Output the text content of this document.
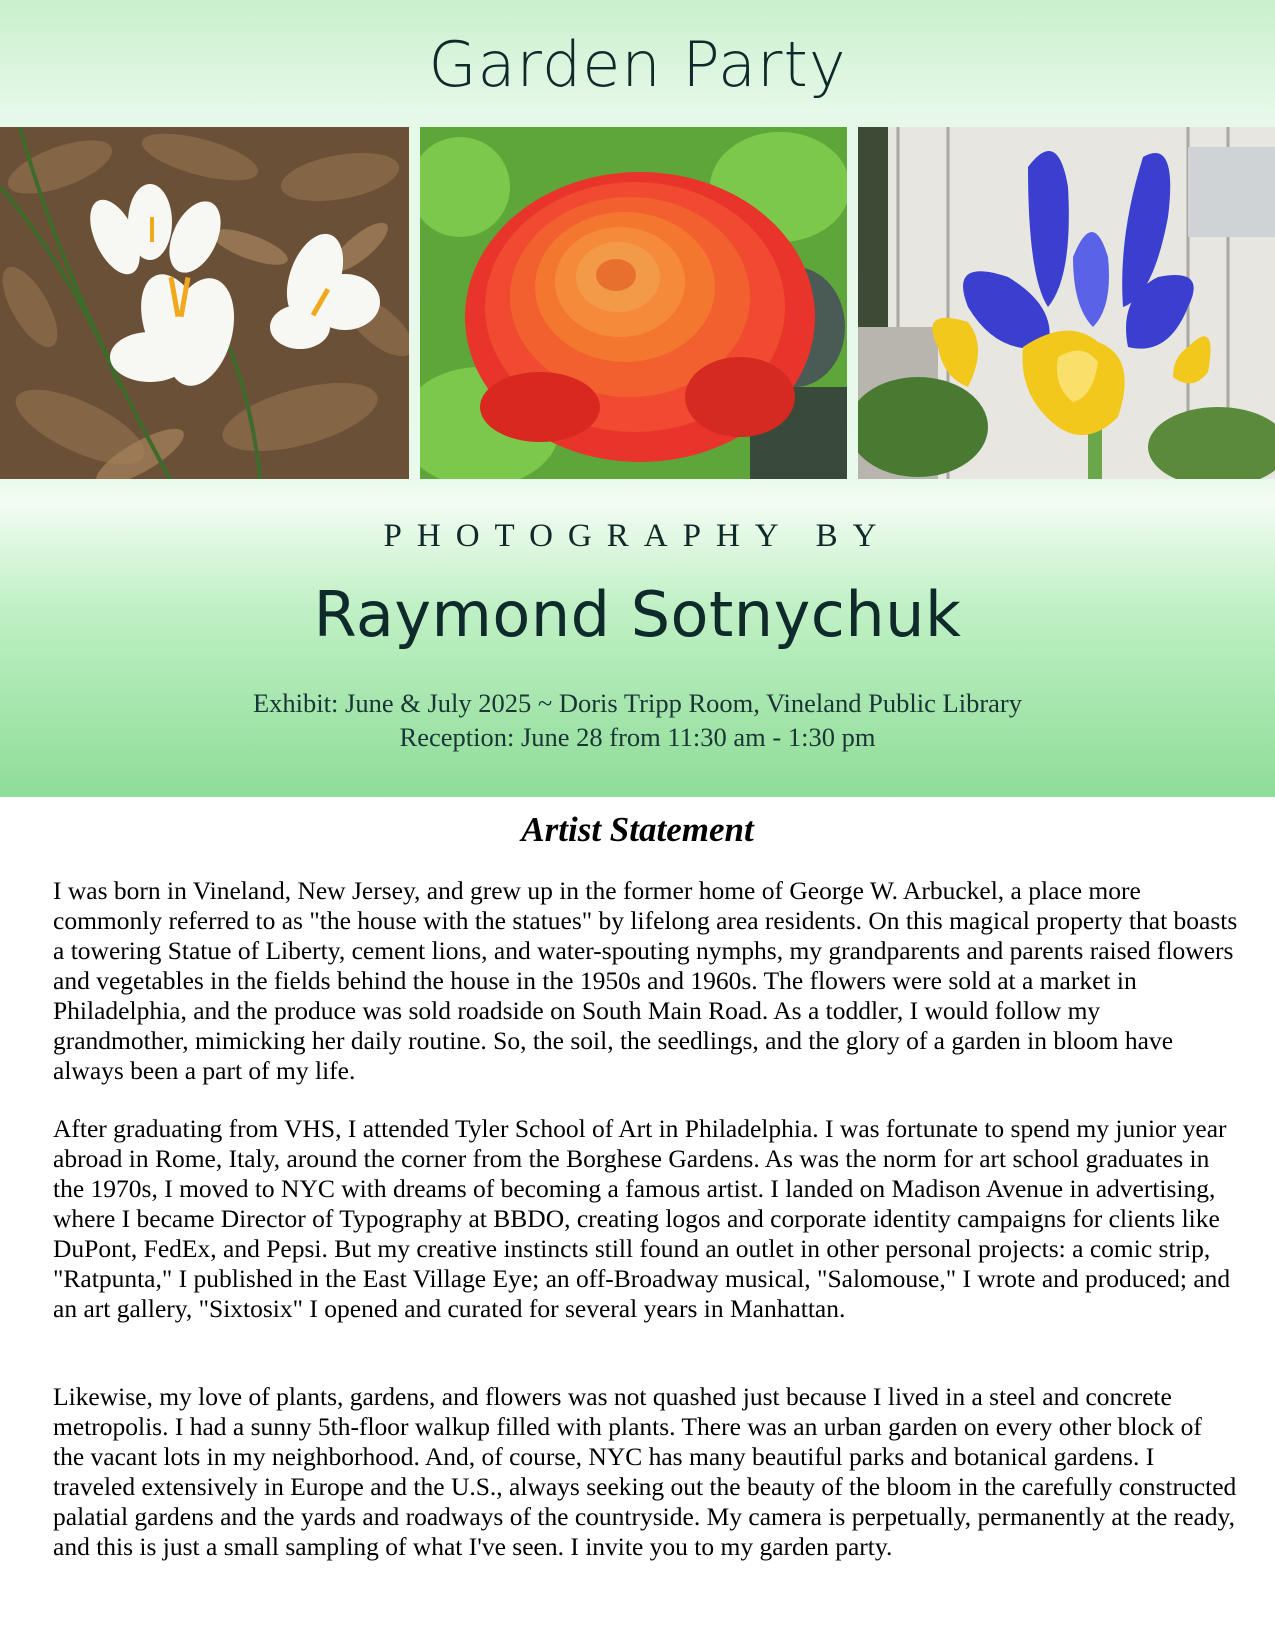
Garden Party
PHOTOGRAPHY BY
Raymond Sotnychuk
Exhibit: June & July 2025 ~ Doris Tripp Room, Vineland Public Library
Reception: June 28 from 11:30 am - 1:30 pm
Artist Statement

I was born in Vineland, New Jersey, and grew up in the former home of George W. Arbuckel, a place more commonly referred to as "the house with the statues" by lifelong area residents. On this magical property that boasts a towering Statue of Liberty, cement lions, and water-spouting nymphs, my grandparents and parents raised flowers and vegetables in the fields behind the house in the 1950s and 1960s. The flowers were sold at a market in Philadelphia, and the produce was sold roadside on South Main Road. As a toddler, I would follow my grandmother, mimicking her daily routine. So, the soil, the seedlings, and the glory of a garden in bloom have always been a part of my life.

After graduating from VHS, I attended Tyler School of Art in Philadelphia. I was fortunate to spend my junior year abroad in Rome, Italy, around the corner from the Borghese Gardens. As was the norm for art school graduates in the 1970s, I moved to NYC with dreams of becoming a famous artist. I landed on Madison Avenue in advertising, where I became Director of Typography at BBDO, creating logos and corporate identity campaigns for clients like DuPont, FedEx, and Pepsi. But my creative instincts still found an outlet in other personal projects: a comic strip, "Ratpunta," I published in the East Village Eye; an off-Broadway musical, "Salomouse," I wrote and produced; and an art gallery, "Sixtosix" I opened and curated for several years in Manhattan.

Likewise, my love of plants, gardens, and flowers was not quashed just because I lived in a steel and concrete metropolis. I had a sunny 5th-floor walkup filled with plants. There was an urban garden on every other block of the vacant lots in my neighborhood. And, of course, NYC has many beautiful parks and botanical gardens. I traveled extensively in Europe and the U.S., always seeking out the beauty of the bloom in the carefully constructed palatial gardens and the yards and roadways of the countryside. My camera is perpetually, permanently at the ready, and this is just a small sampling of what I've seen. I invite you to my garden party.
